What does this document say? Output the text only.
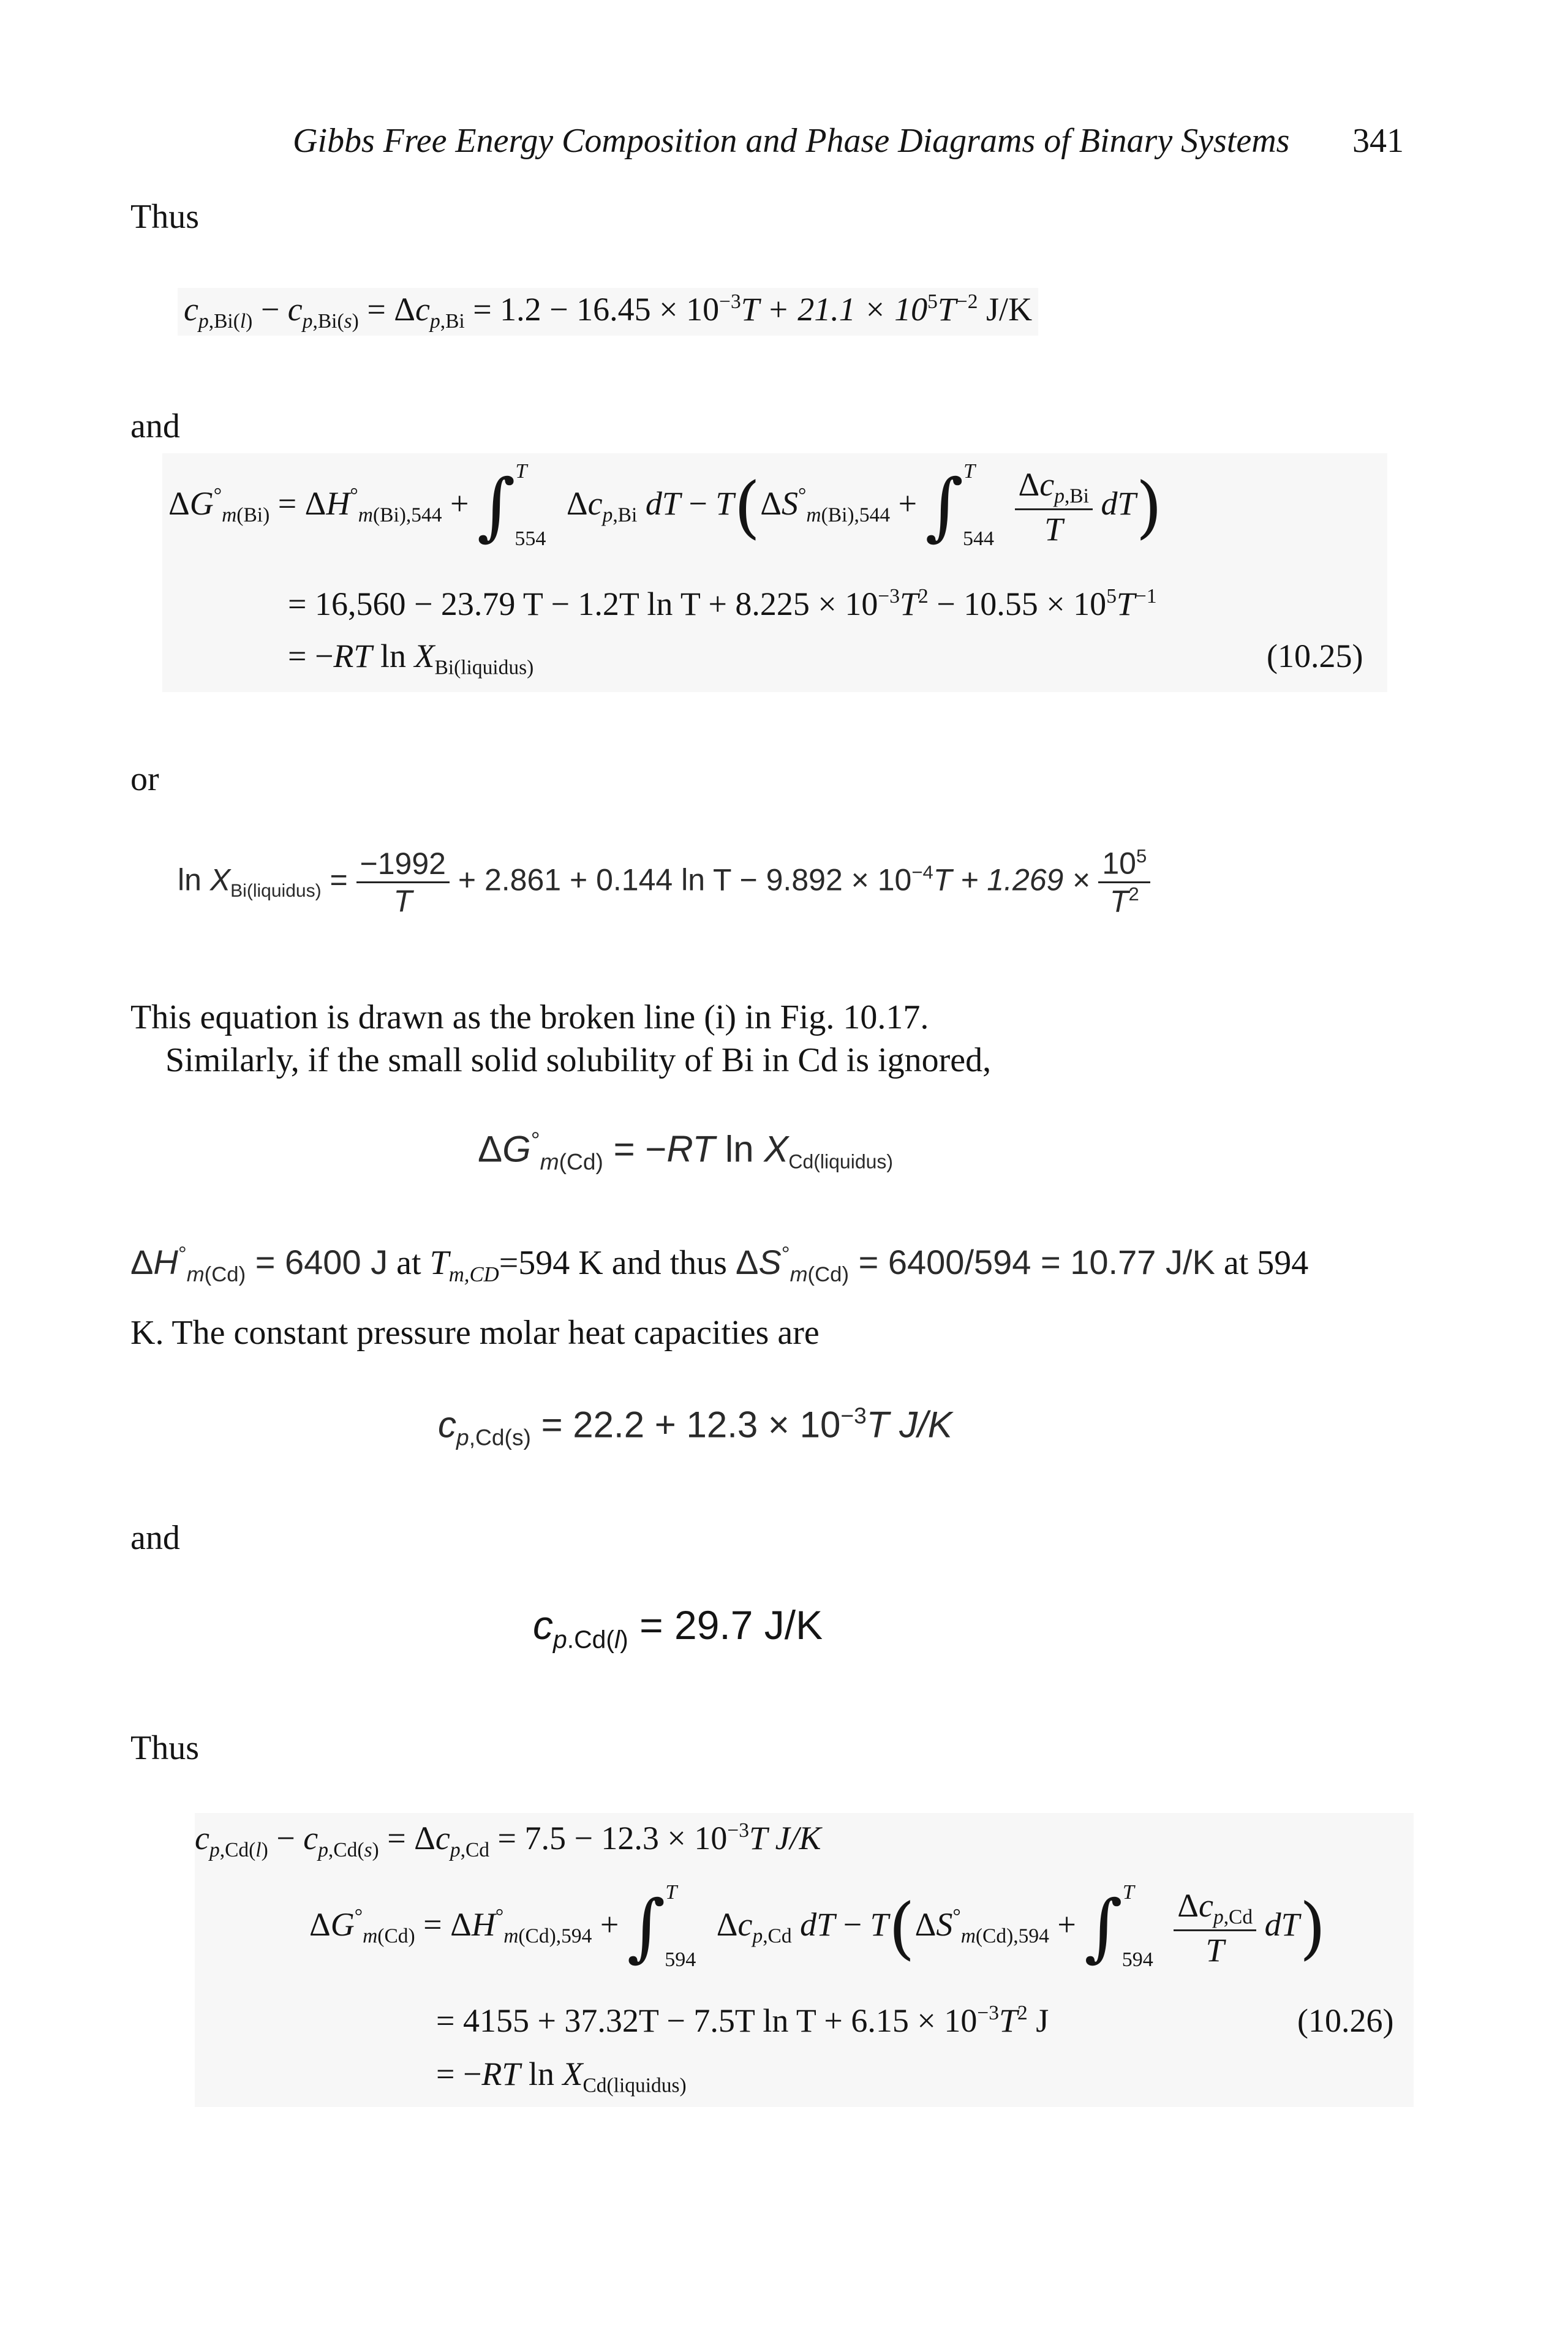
Gibbs Free Energy Composition and Phase Diagrams of Binary Systems 341
Thus
$c_{p,Bi(l)} - c_{p,Bi(s)} = \Delta c_{p,Bi} = 1.2 - 16.45 \times 10^{-3}T + 21.1 \times 10^5T^{-2}$ J/K
and
$\Delta G^\circ_{m(Bi)} = \Delta H^\circ_{m(Bi),544} + \int^T_{554}$ $\Delta c_{p,Bi}$ dT − $T(\Delta S^\circ_{m(Bi),544} + \int^T_{544} \frac{\Delta c_{p,Bi}}{T} dT)$
= 16,560 − 23.79 T − 1.2T $\ln T + 8.225 \times 10^{-3}T^2 - 10.55 \times 10^5T^{-1}$
= −RT $\ln X_{Bi(liquidus)}$	(10.25)
or
$\ln X_{Bi(liquidus)} = \frac{-1992}{T} + 2.861 + 0.144$ $\ln T - 9.892 \times 10^{-4}T + 1.269 \times \frac{10^5}{T^2}$
This equation is drawn as the broken line (i) in Fig. 10.17.
Similarly, if the small solid solubility of Bi in Cd is ignored,
$\Delta G^\circ_{m(Cd)} = -RT$ $\ln X_{Cd(liquidus)}$
$\Delta H^\circ_{m(Cd)} = 6400$ J at $T_{m,CD}=594$ K and thus $\Delta S^\circ_{m(Cd)} = 6400/594 = 10.77$ J/K at 594
K. The constant pressure molar heat capacities are
$c_{p,Cd(s)} = 22.2 + 12.3 \times 10^{-3}T$ J/K
and
$c_{p.Cd(l)} = 29.7$ J/K
Thus
$c_{p,Cd(l)} - c_{p,Cd(s)} = \Delta c_{p,Cd} = 7.5 - 12.3 \times 10^{-3}T$ J/K
$\Delta G^\circ_{m(Cd)} = \Delta H^\circ_{m(Cd),594} + \int^T_{594}$ $\Delta c_{p,Cd}$ dT − $T(\Delta S^\circ_{m(Cd),594} + \int^T_{594} \frac{\Delta c_{p,Cd}}{T} dT)$
= 4155 + 37.32T − 7.5T $\ln T + 6.15 \times 10^{-3}T^2$ J	(10.26)
= −RT $\ln X_{Cd(liquidus)}$
